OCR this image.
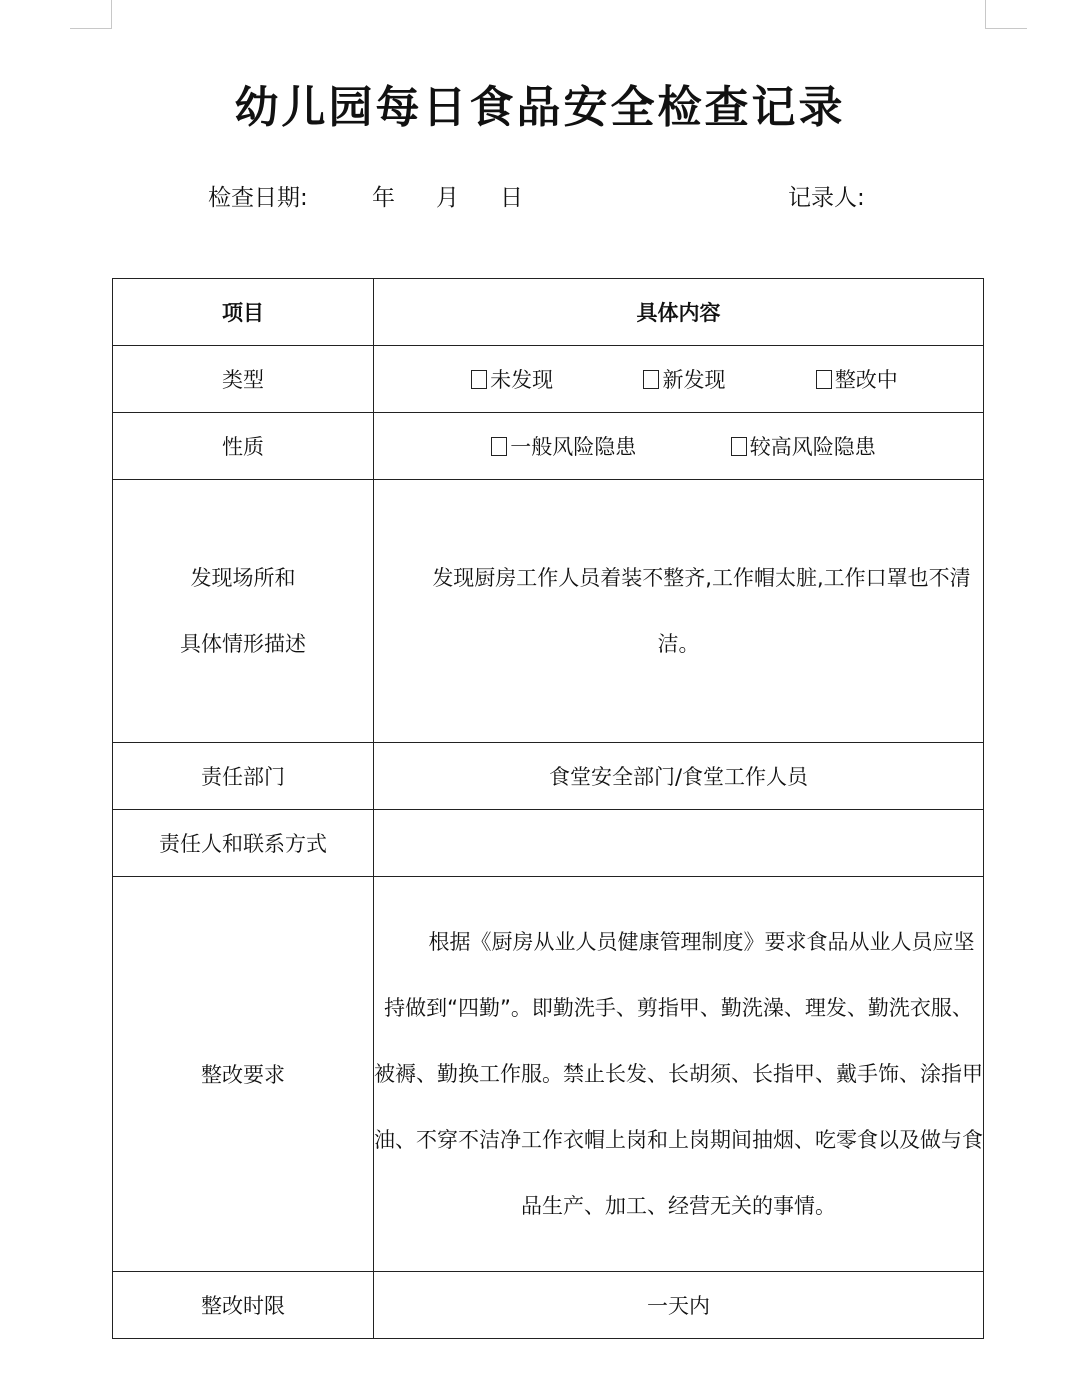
幼儿园每日食品安全检查记录
检查日期:	年 月 日	记录人:
项目	具体内容
类型	未发现 新发现 整改中

性质	一般风险隐患 较高风险隐患

发现场所和
具体情形描述	发现厨房工作人员着装不整齐,工作帽太脏,工作口罩也不清洁。
责任部门	食堂安全部门/食堂工作人员
责任人和联系方式	
整改要求	根据《厨房从业人员健康管理制度》要求食品从业人员应坚持做到“四勤”。即勤洗手、剪指甲、勤洗澡、理发、勤洗衣服、被褥、勤换工作服。禁止长发、长胡须、长指甲、戴手饰、涂指甲油、不穿不洁净工作衣帽上岗和上岗期间抽烟、吃零食以及做与食品生产、加工、经营无关的事情。
整改时限	一天内
